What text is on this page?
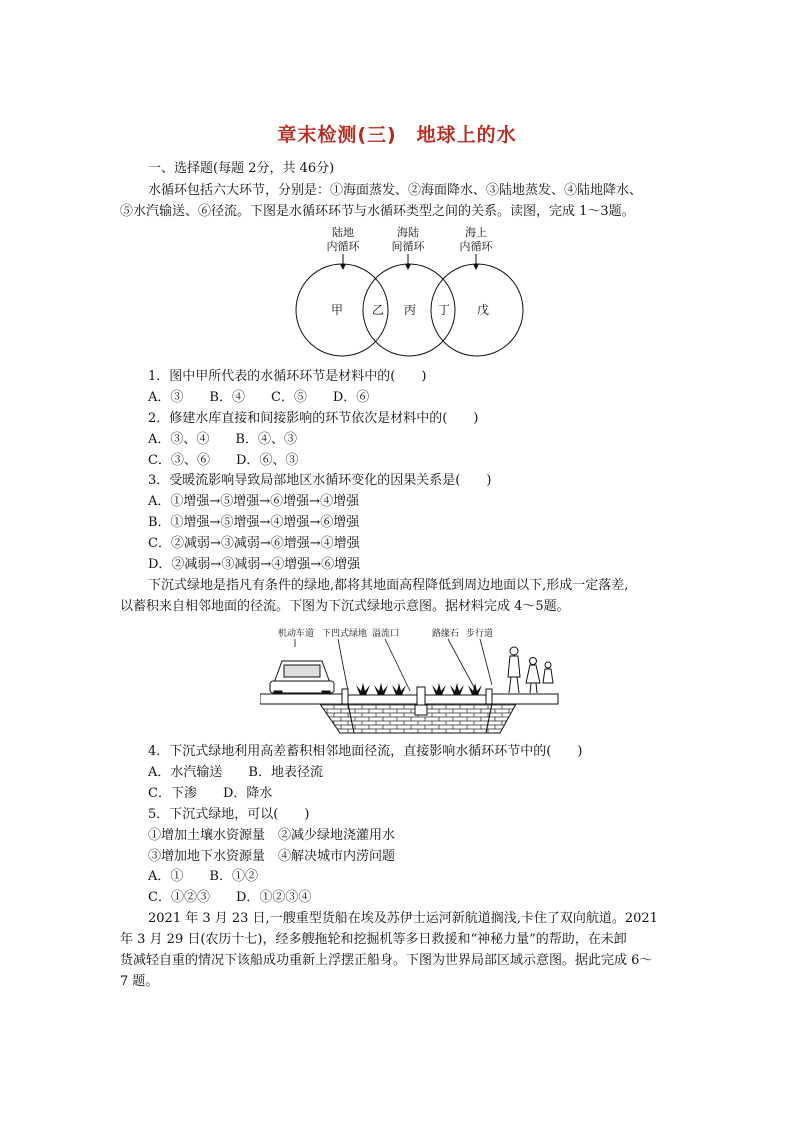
章末检测(三)　地球上的水
一、选择题(每题 2分，共 46分)
水循环包括六大环节，分别是：①海面蒸发、②海面降水、③陆地蒸发、④陆地降水、
⑤水汽输送、⑥径流。下图是水循环环节与水循环类型之间的关系。读图，完成 1～3题。
陆地
内循环
海陆
间循环
海上
内循环
甲 乙 丙 丁 戊
1．图中甲所代表的水循环环节是材料中的(　　)
A．③　　B．④　　C．⑤　　D．⑥
2．修建水库直接和间接影响的环节依次是材料中的(　　)
A．③、④　　B．④、③
C．③、⑥　　D．⑥、③
3．受暖流影响导致局部地区水循环变化的因果关系是(　　)
A．①增强→⑤增强→⑥增强→④增强
B．①增强→⑤增强→④增强→⑥增强
C．②减弱→③减弱→⑥增强→④增强
D．②减弱→③减弱→④增强→⑥增强
下沉式绿地是指凡有条件的绿地,都将其地面高程降低到周边地面以下,形成一定落差,
以蓄积来自相邻地面的径流。下图为下沉式绿地示意图。据材料完成 4～5题。
机动车道 下凹式绿地 溢流口	路缘石 步行道
4．下沉式绿地利用高差蓄积相邻地面径流，直接影响水循环环节中的(　　)
A．水汽输送　　B．地表径流
C．下渗　　D．降水
5．下沉式绿地，可以(　　)
①增加土壤水资源量　②减少绿地浇灌用水
③增加地下水资源量　④解决城市内涝问题
A．①　　B．①②
C．①②③　　D．①②③④
2021 年 3 月 23 日,一艘重型货船在埃及苏伊士运河新航道搁浅,卡住了双向航道。2021
年 3 月 29 日(农历十七)，经多艘拖轮和挖掘机等多日救援和“神秘力量”的帮助，在未卸
货减轻自重的情况下该船成功重新上浮摆正船身。下图为世界局部区域示意图。据此完成 6～
7 题。
